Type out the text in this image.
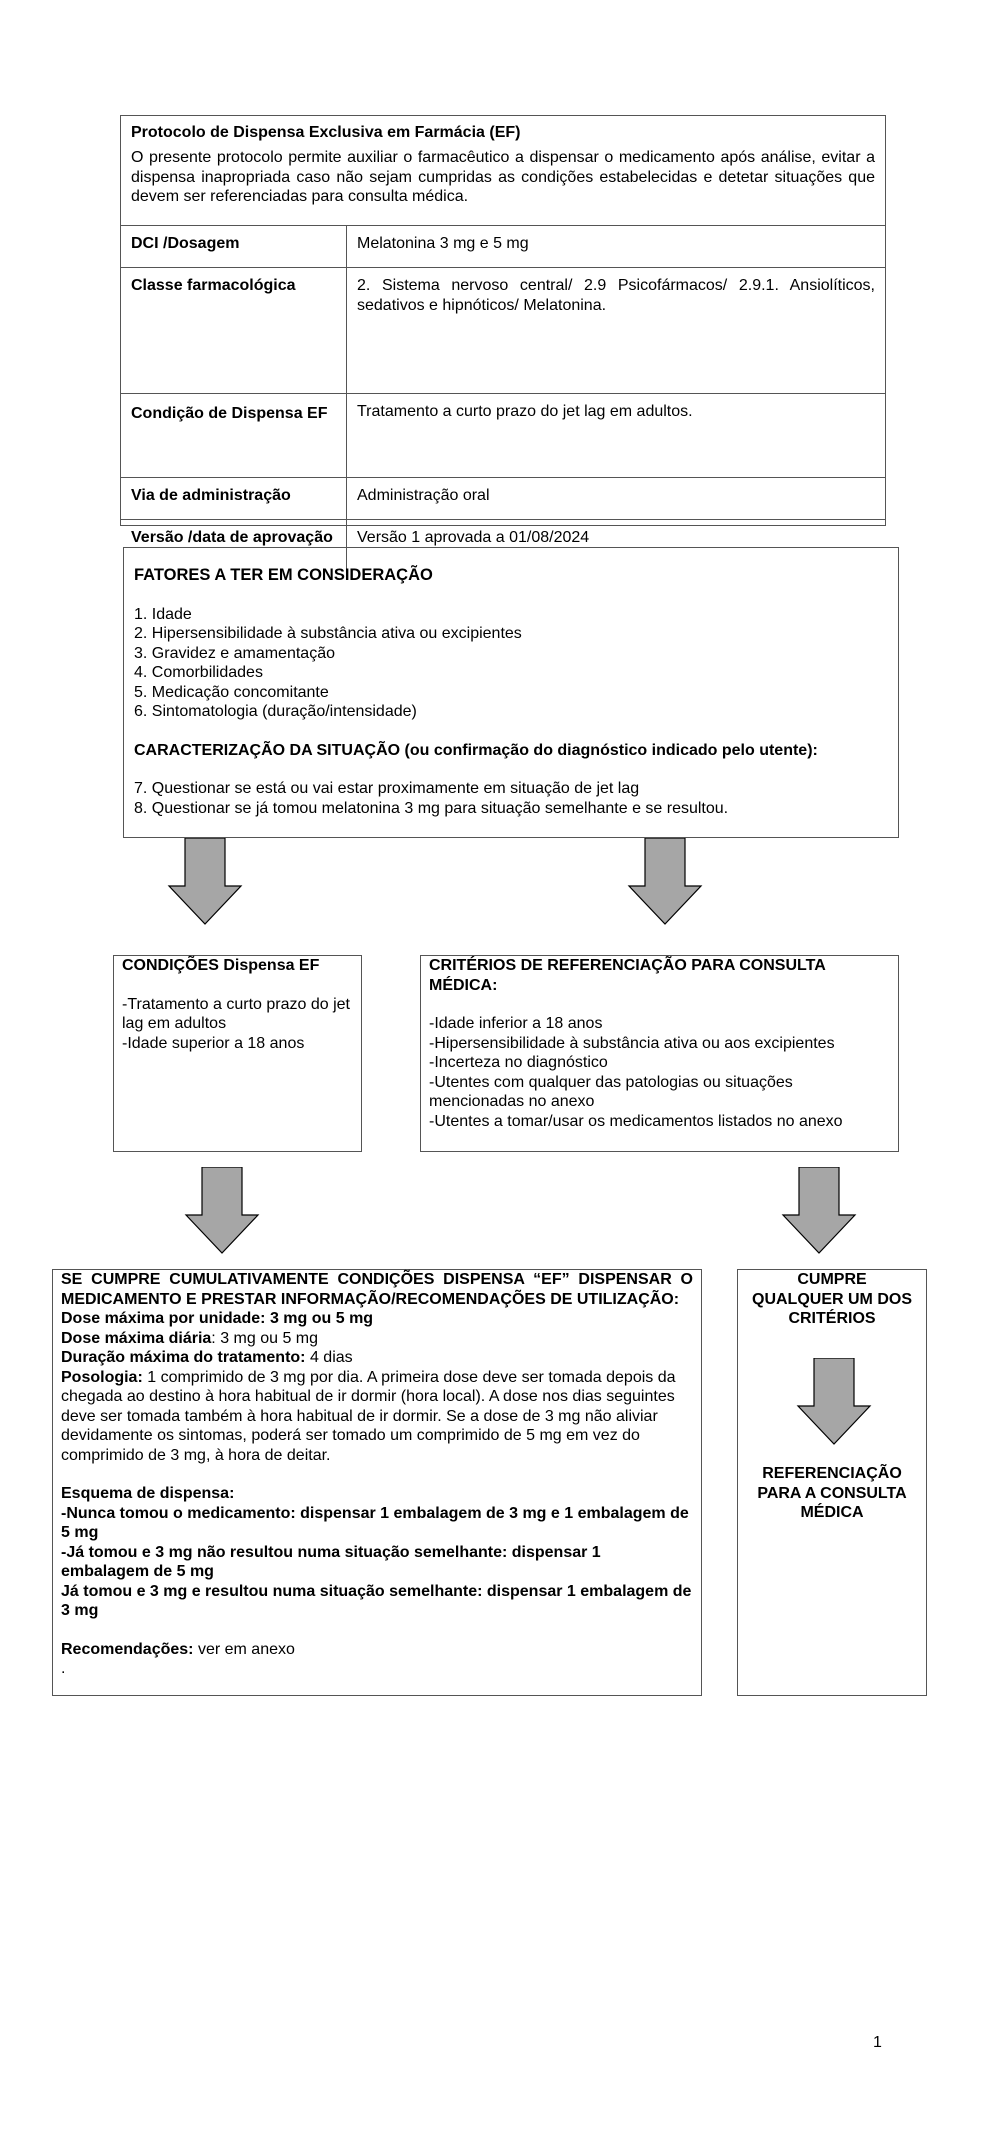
Protocolo de Dispensa Exclusiva em Farmácia (EF)
O presente protocolo permite auxiliar o farmacêutico a dispensar o medicamento após análise, evitar a dispensa inapropriada caso não sejam cumpridas as condições estabelecidas e detetar situações que devem ser referenciadas para consulta médica.
DCI /Dosagem	Melatonina 3 mg e 5 mg
Classe farmacológica	2. Sistema nervoso central/ 2.9 Psicofármacos/ 2.9.1. Ansiolíticos, sedativos e hipnóticos/ Melatonina.
Condição de Dispensa EF	Tratamento a curto prazo do jet lag em adultos.
Via de administração	Administração oral
Versão /data de aprovação	Versão 1 aprovada a 01/08/2024

FATORES A TER EM CONSIDERAÇÃO

1. Idade

2. Hipersensibilidade à substância ativa ou excipientes

3. Gravidez e amamentação

4. Comorbilidades

5. Medicação concomitante

6. Sintomatologia (duração/intensidade)

CARACTERIZAÇÃO DA SITUAÇÃO (ou confirmação do diagnóstico indicado pelo utente):

7. Questionar se está ou vai estar proximamente em situação de jet lag

8. Questionar se já tomou melatonina 3 mg para situação semelhante e se resultou.

CONDIÇÕES Dispensa EF
-Tratamento a curto prazo do jet lag em adultos
-Idade superior a 18 anos
CRITÉRIOS DE REFERENCIAÇÃO PARA CONSULTA MÉDICA:
-Idade inferior a 18 anos
-Hipersensibilidade à substância ativa ou aos excipientes
-Incerteza no diagnóstico
-Utentes com qualquer das patologias ou situações mencionadas no anexo
-Utentes a tomar/usar os medicamentos listados no anexo
SE CUMPRE CUMULATIVAMENTE CONDIÇÕES DISPENSA “EF” DISPENSAR O MEDICAMENTO E PRESTAR INFORMAÇÃO/RECOMENDAÇÕES DE UTILIZAÇÃO:
Dose máxima por unidade: 3 mg ou 5 mg
Dose máxima diária: 3 mg ou 5 mg
Duração máxima do tratamento: 4 dias
Posologia: 1 comprimido de 3 mg por dia. A primeira dose deve ser tomada depois da chegada ao destino à hora habitual de ir dormir (hora local). A dose nos dias seguintes deve ser tomada também à hora habitual de ir dormir. Se a dose de 3 mg não aliviar devidamente os sintomas, poderá ser tomado um comprimido de 5 mg em vez do comprimido de 3 mg, à hora de deitar.
Esquema de dispensa:
-Nunca tomou o medicamento: dispensar 1 embalagem de 3 mg e 1 embalagem de 5 mg
-Já tomou e 3 mg não resultou numa situação semelhante: dispensar 1 embalagem de 5 mg
Já tomou e 3 mg e resultou numa situação semelhante: dispensar 1 embalagem de 3 mg
Recomendações: ver em anexo
.
CUMPRE QUALQUER UM DOS CRITÉRIOS
REFERENCIAÇÃO PARA A CONSULTA MÉDICA
1
